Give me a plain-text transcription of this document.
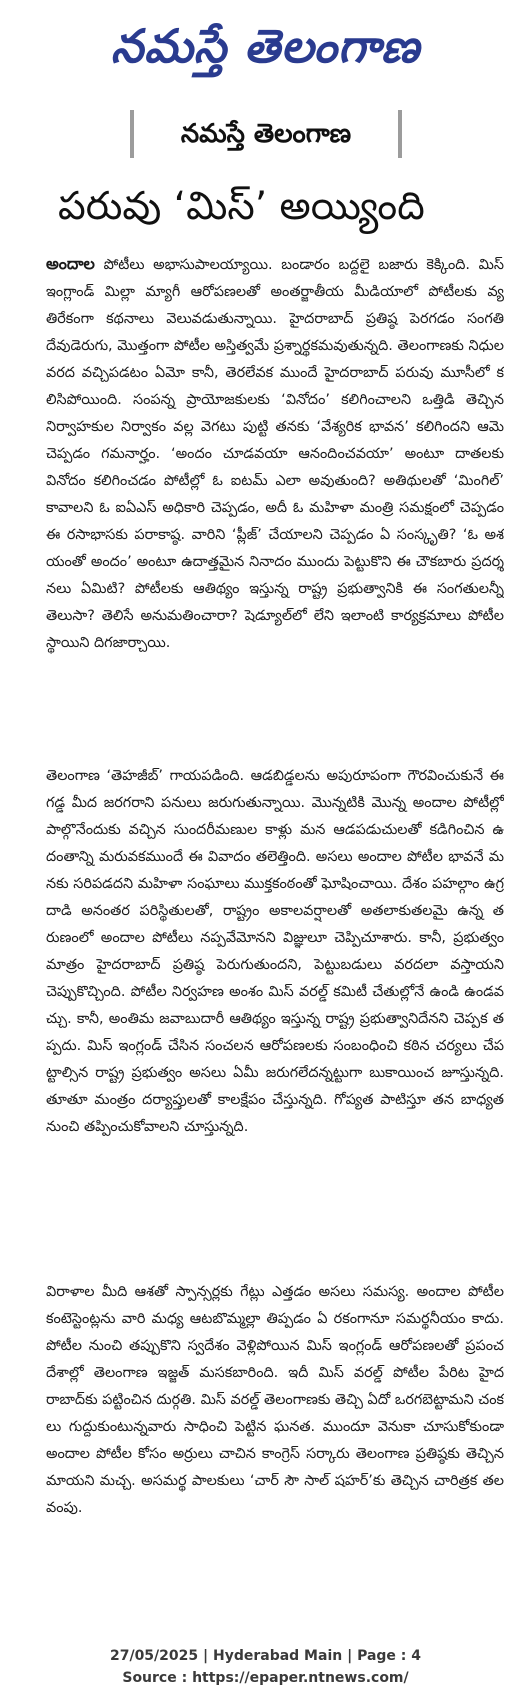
నమస్తే తెలంగాణ
నమస్తే తెలంగాణ
పరువు ‘మిస్’ అయ్యింది

అందాల పోటీలు అభాసుపాలయ్యాయి. బండారం బద్దలై బజారు కెక్కింది. మిస్ ఇంగ్లాండ్ మిల్లా మ్యాగీ ఆరోపణలతో అంతర్జాతీయ మీడియాలో పోటీలకు వ్యతిరేకంగా కథనాలు వెలువడుతున్నాయి. హైదరాబాద్ ప్రతిష్ఠ పెరగడం సంగతి దేవుడెరుగు, మొత్తంగా పోటీల అస్తిత్వమే ప్రశ్నార్థకమవుతున్నది. తెలంగాణకు నిధుల వరద వచ్చిపడటం ఏమో కానీ, తెరలేవక ముందే హైదరాబాద్ పరువు మూసీలో కలిసిపోయింది. సంపన్న ప్రాయోజకులకు ‘వినోదం’ కలిగించాలని ఒత్తిడి తెచ్చిన నిర్వాహకుల నిర్వాకం వల్ల వెగటు పుట్టి తనకు ‘వేశ్యరిక భావన’ కలిగిందని ఆమె చెప్పడం గమనార్హం. ‘అందం చూడవయా ఆనందించవయా’ అంటూ దాతలకు వినోదం కలిగించడం పోటీల్లో ఓ ఐటమ్ ఎలా అవుతుంది? అతిథులతో ‘మింగిల్’ కావాలని ఓ ఐఏఎస్ అధికారి చెప్పడం, అదీ ఓ మహిళా మంత్రి సమక్షంలో చెప్పడం ఈ రసాభాసకు పరాకాష్ఠ. వారిని ‘ప్లీజ్’ చేయాలని చెప్పడం ఏ సంస్కృతి? ‘ఓ అశయంతో అందం’ అంటూ ఉదాత్తమైన నినాదం ముందు పెట్టుకొని ఈ చౌకబారు ప్రదర్శనలు ఏమిటి? పోటీలకు ఆతిథ్యం ఇస్తున్న రాష్ట్ర ప్రభుత్వానికి ఈ సంగతులన్నీ తెలుసా? తెలిసే అనుమతించారా? షెడ్యూల్‌లో లేని ఇలాంటి కార్యక్రమాలు పోటీల స్థాయిని దిగజార్చాయి.

తెలంగాణ ‘తెహజీబ్’ గాయపడింది. ఆడబిడ్డలను అపురూపంగా గౌరవించుకునే ఈ గడ్డ మీద జరగరాని పనులు జరుగుతున్నాయి. మొన్నటికి మొన్న అందాల పోటీల్లో పాల్గొనేందుకు వచ్చిన సుందరీమణుల కాళ్లు మన ఆడపడుచులతో కడిగించిన ఉదంతాన్ని మరువకముందే ఈ వివాదం తలెత్తింది. అసలు అందాల పోటీల భావనే మనకు సరిపడదని మహిళా సంఘాలు ముక్తకంఠంతో ఘోషించాయి. దేశం పహల్గాం ఉగ్రదాడి అనంతర పరిస్థితులతో, రాష్ట్రం అకాలవర్షాలతో అతలాకుతలమై ఉన్న తరుణంలో అందాల పోటీలు నప్పవేమోనని విజ్ఞులూ చెప్పిచూశారు. కానీ, ప్రభుత్వం మాత్రం హైదరాబాద్ ప్రతిష్ఠ పెరుగుతుందని, పెట్టుబడులు వరదలా వస్తాయని చెప్పుకొచ్చింది. పోటీల నిర్వహణ అంశం మిస్ వరల్డ్ కమిటీ చేతుల్లోనే ఉండి ఉండవచ్చు. కానీ, అంతిమ జవాబుదారీ ఆతిథ్యం ఇస్తున్న రాష్ట్ర ప్రభుత్వానిదేనని చెప్పక తప్పదు. మిస్ ఇంగ్లండ్ చేసిన సంచలన ఆరోపణలకు సంబంధించి కఠిన చర్యలు చేపట్టాల్సిన రాష్ట్ర ప్రభుత్వం అసలు ఏమీ జరుగలేదన్నట్టుగా బుకాయించ జూస్తున్నది. తూతూ మంత్రం దర్యాప్తులతో కాలక్షేపం చేస్తున్నది. గోప్యత పాటిస్తూ తన బాధ్యత నుంచి తప్పించుకోవాలని చూస్తున్నది.

విరాళాల మీది ఆశతో స్పాన్సర్లకు గేట్లు ఎత్తడం అసలు సమస్య. అందాల పోటీల కంటెస్టెంట్లను వారి మధ్య ఆటబొమ్మల్లా తిప్పడం ఏ రకంగానూ సమర్థనీయం కాదు. పోటీల నుంచి తప్పుకొని స్వదేశం వెళ్లిపోయిన మిస్ ఇంగ్లండ్ ఆరోపణలతో ప్రపంచ దేశాల్లో తెలంగాణ ఇజ్జత్ మసకబారింది. ఇదీ మిస్ వరల్డ్ పోటీల పేరిట హైదరాబాద్‌కు పట్టించిన దుర్గతి. మిస్ వరల్డ్ తెలంగాణకు తెచ్చి ఏదో ఒరగబెట్టామని చంకలు గుద్దుకుంటున్నవారు సాధించి పెట్టిన ఘనత. ముందూ వెనుకా చూసుకోకుండా అందాల పోటీల కోసం అర్రులు చాచిన కాంగ్రెస్ సర్కారు తెలంగాణ ప్రతిష్ఠకు తెచ్చిన మాయని మచ్చ. అసమర్థ పాలకులు ‘చార్ సౌ సాల్ షహర్’కు తెచ్చిన చారిత్రక తలవంపు.

27/05/2025 | Hyderabad Main | Page : 4
Source : https://epaper.ntnews.com/
